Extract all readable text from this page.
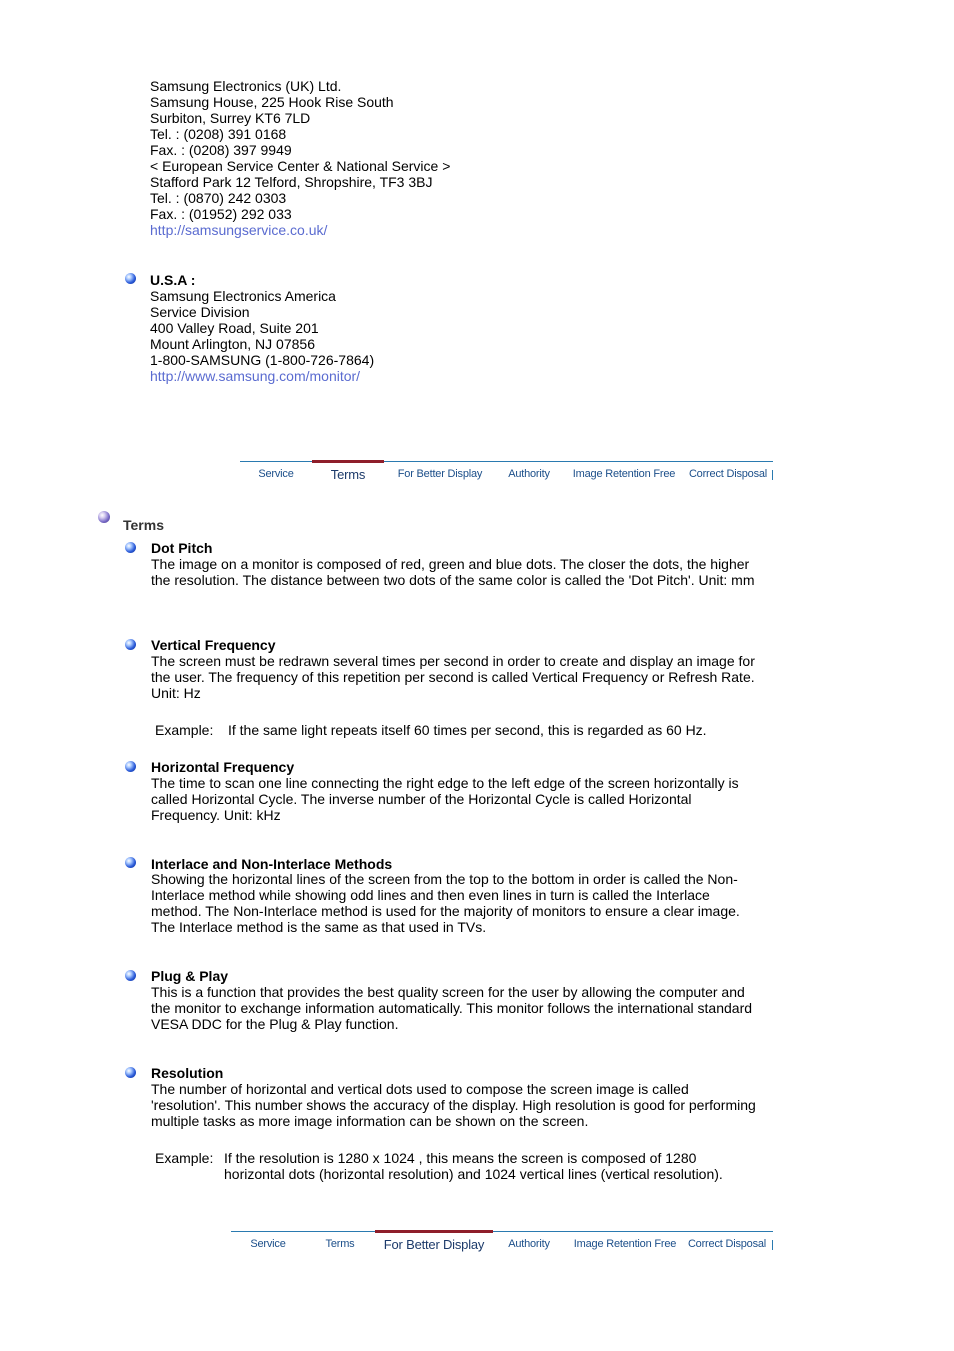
Samsung Electronics (UK) Ltd.
Samsung House, 225 Hook Rise South
Surbiton, Surrey KT6 7LD
Tel. : (0208) 391 0168
Fax. : (0208) 397 9949
< European Service Center & National Service >
Stafford Park 12 Telford, Shropshire, TF3 3BJ
Tel. : (0870) 242 0303
Fax. : (01952) 292 033
http://samsungservice.co.uk/
U.S.A :
Samsung Electronics America
Service Division
400 Valley Road, Suite 201
Mount Arlington, NJ 07856
1-800-SAMSUNG (1-800-726-7864)
http://www.samsung.com/monitor/
Service	Terms	For Better Display	Authority	Image Retention Free	Correct Disposal
Terms
Dot Pitch
The image on a monitor is composed of red, green and blue dots. The closer the dots, the higher the resolution. The distance between two dots of the same color is called the 'Dot Pitch'. Unit: mm
Vertical Frequency
The screen must be redrawn several times per second in order to create and display an image for the user. The frequency of this repetition per second is called Vertical Frequency or Refresh Rate. Unit: Hz
Example: If the same light repeats itself 60 times per second, this is regarded as 60 Hz.
Horizontal Frequency
The time to scan one line connecting the right edge to the left edge of the screen horizontally is called Horizontal Cycle. The inverse number of the Horizontal Cycle is called Horizontal Frequency. Unit: kHz
Interlace and Non-Interlace Methods
Showing the horizontal lines of the screen from the top to the bottom in order is called the Non-Interlace method while showing odd lines and then even lines in turn is called the Interlace method. The Non-Interlace method is used for the majority of monitors to ensure a clear image. The Interlace method is the same as that used in TVs.
Plug & Play
This is a function that provides the best quality screen for the user by allowing the computer and the monitor to exchange information automatically. This monitor follows the international standard VESA DDC for the Plug & Play function.
Resolution
The number of horizontal and vertical dots used to compose the screen image is called 'resolution'. This number shows the accuracy of the display. High resolution is good for performing multiple tasks as more image information can be shown on the screen.
Example: If the resolution is 1280 x 1024 , this means the screen is composed of 1280
horizontal dots (horizontal resolution) and 1024 vertical lines (vertical resolution).
Service	Terms	For Better Display	Authority	Image Retention Free	Correct Disposal
